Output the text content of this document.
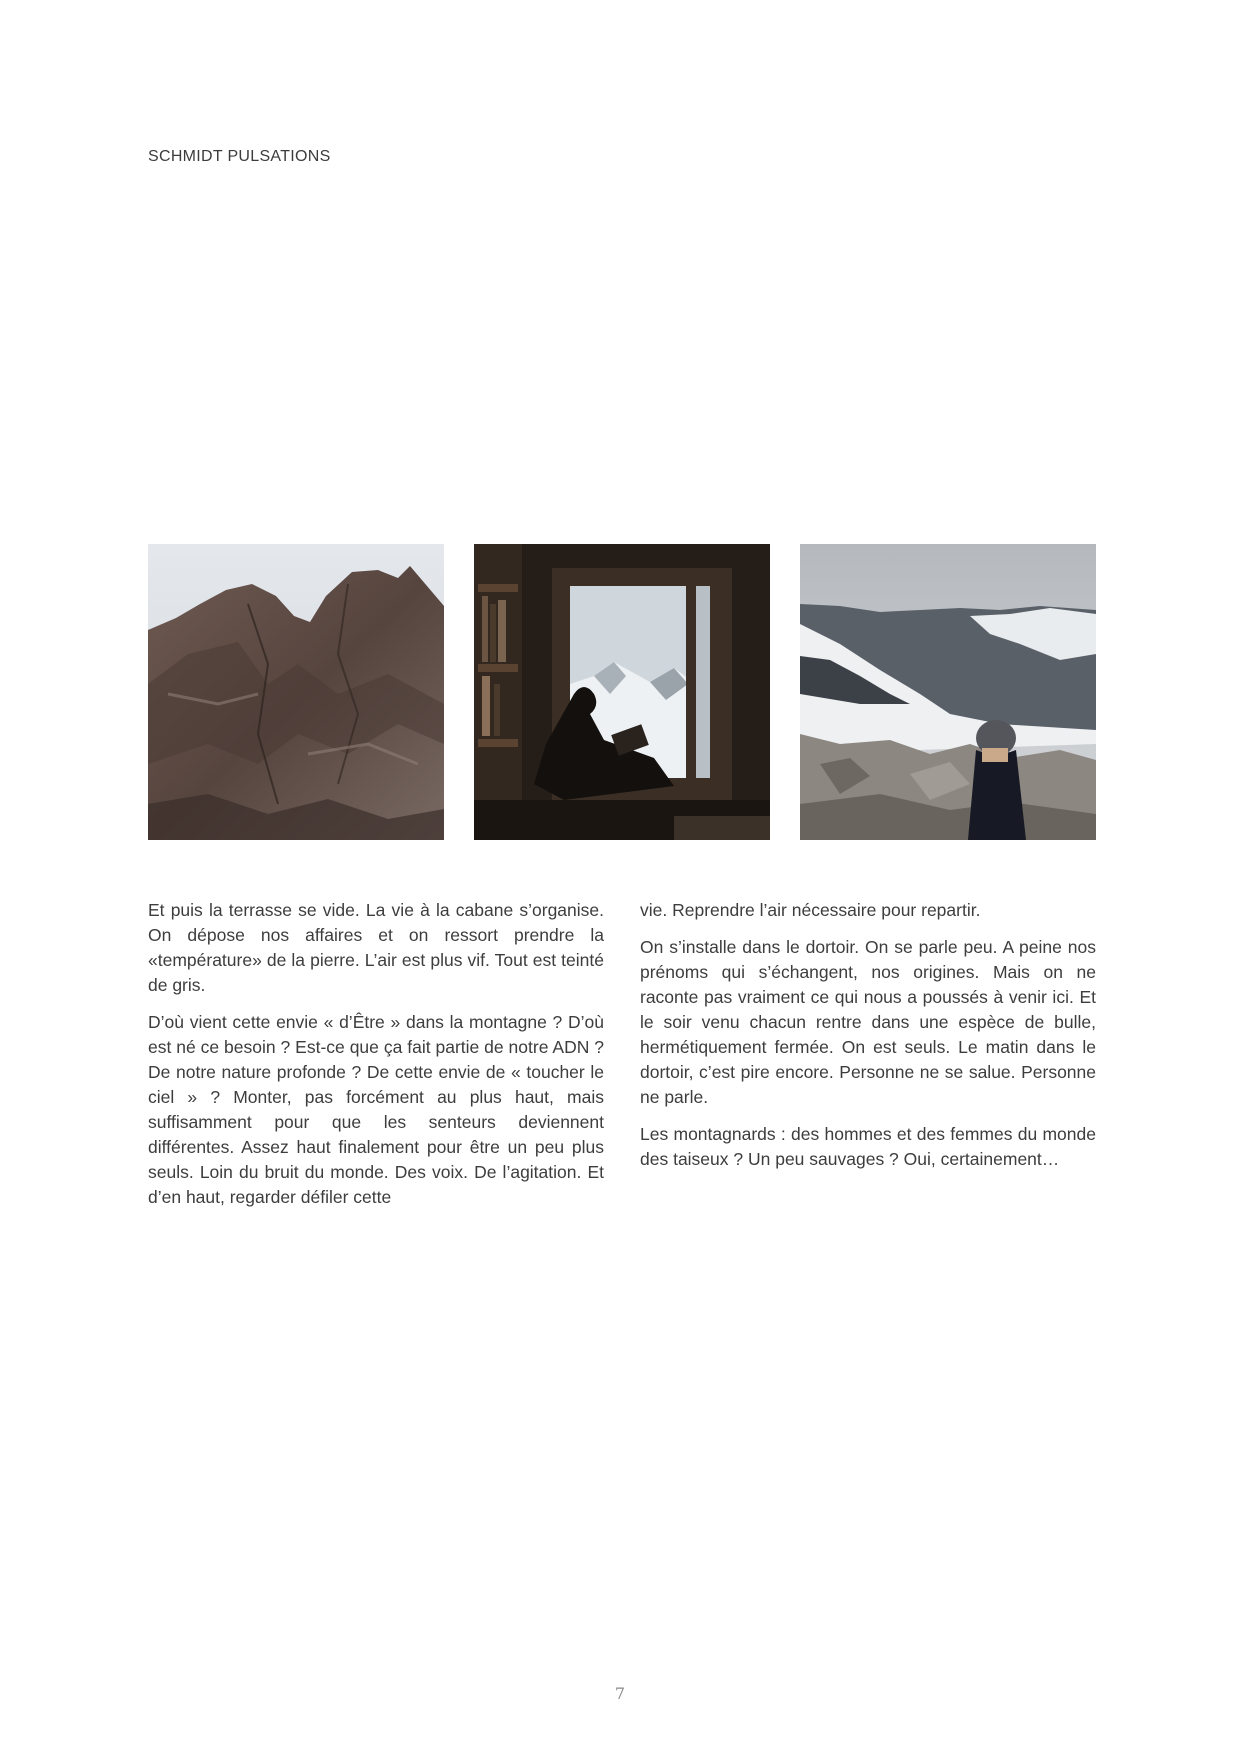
SCHMIDT PULSATIONS

Et puis la terrasse se vide. La vie à la cabane s’organise. On dépose nos affaires et on ressort prendre la «température» de la pierre. L’air est plus vif. Tout est teinté de gris.

D’où vient cette envie « d’Être » dans la montagne ? D’où est né ce besoin ? Est-ce que ça fait partie de notre ADN ? De notre nature profonde ? De cette envie de « toucher le ciel » ? Monter, pas forcément au plus haut, mais suffisamment pour que les senteurs deviennent différentes. Assez haut finalement pour être un peu plus seuls. Loin du bruit du monde. Des voix. De l’agitation. Et d’en haut, regarder défiler cette

vie. Reprendre l’air nécessaire pour repartir.

On s’installe dans le dortoir. On se parle peu. A peine nos prénoms qui s’échangent, nos origines. Mais on ne raconte pas vraiment ce qui nous a poussés à venir ici. Et le soir venu chacun rentre dans une espèce de bulle, hermétiquement fermée. On est seuls. Le matin dans le dortoir, c’est pire encore. Personne ne se salue. Personne ne parle.

Les montagnards : des hommes et des femmes du monde des taiseux ? Un peu sauvages ? Oui, certainement…

7
